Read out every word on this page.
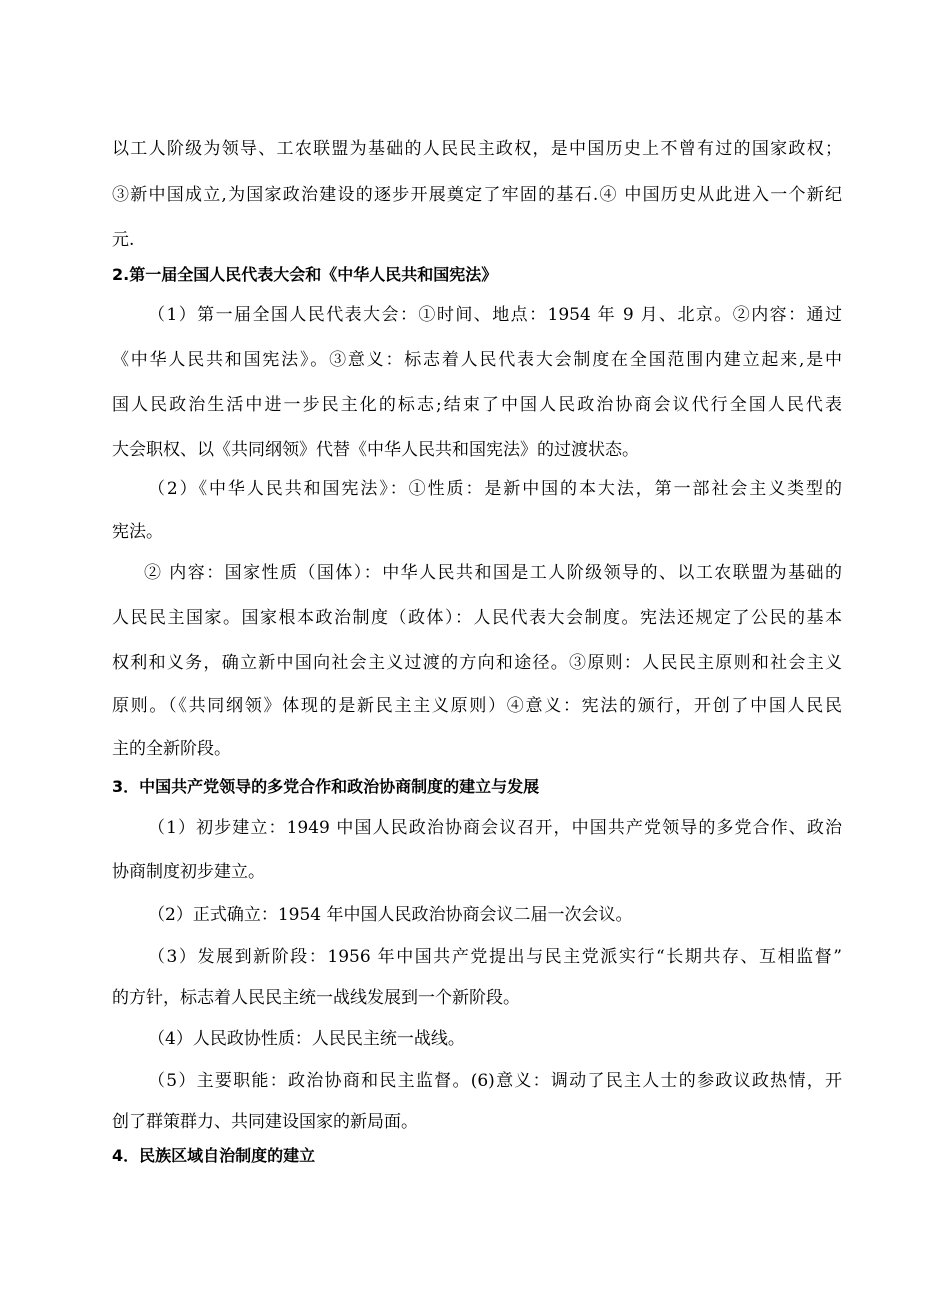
以工人阶级为领导、工农联盟为基础的人民民主政权，是中国历史上不曾有过的国家政权；
③新中国成立,为国家政治建设的逐步开展奠定了牢固的基石.④ 中国历史从此进入一个新纪
元.
2.第一届全国人民代表大会和《中华人民共和国宪法》
（1）第一届全国人民代表大会：①时间、地点：1954 年 9 月、北京。②内容：通过
《中华人民共和国宪法》。③意义：标志着人民代表大会制度在全国范围内建立起来,是中
国人民政治生活中进一步民主化的标志;结束了中国人民政治协商会议代行全国人民代表
大会职权、以《共同纲领》代替《中华人民共和国宪法》的过渡状态。
（2）《中华人民共和国宪法》：①性质：是新中国的本大法，第一部社会主义类型的
宪法。
② 内容：国家性质（国体）：中华人民共和国是工人阶级领导的、以工农联盟为基础的
人民民主国家。国家根本政治制度（政体）：人民代表大会制度。宪法还规定了公民的基本
权利和义务，确立新中国向社会主义过渡的方向和途径。③原则：人民民主原则和社会主义
原则。（《共同纲领》体现的是新民主主义原则）④意义：宪法的颁行，开创了中国人民民
主的全新阶段。
3．中国共产党领导的多党合作和政治协商制度的建立与发展
（1）初步建立：1949 中国人民政治协商会议召开，中国共产党领导的多党合作、政治
协商制度初步建立。
（2）正式确立：1954 年中国人民政治协商会议二届一次会议。
（3）发展到新阶段：1956 年中国共产党提出与民主党派实行“长期共存、互相监督”
的方针，标志着人民民主统一战线发展到一个新阶段。
（4）人民政协性质：人民民主统一战线。
（5）主要职能：政治协商和民主监督。(6)意义：调动了民主人士的参政议政热情，开
创了群策群力、共同建设国家的新局面。
4．民族区域自治制度的建立
